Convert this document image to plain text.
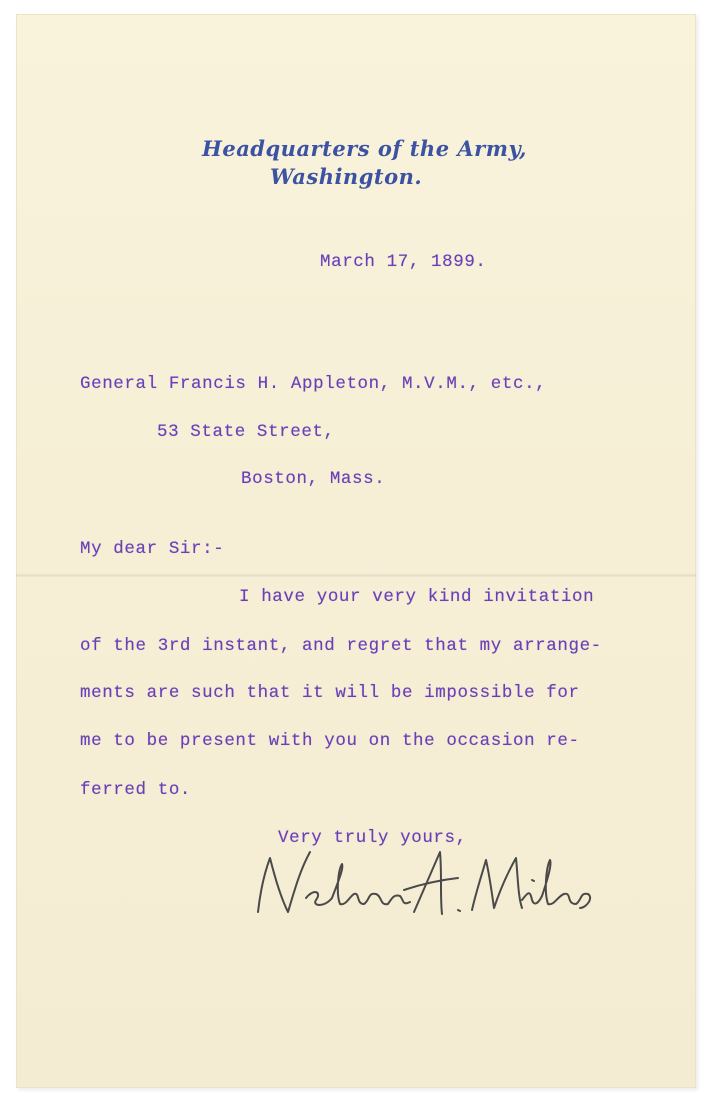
Headquarters of the Army,
Washington.
March 17, 1899.
General Francis H. Appleton, M.V.M., etc.,
53 State Street,
Boston, Mass.
My dear Sir:-
I have your very kind invitation
of the 3rd instant, and regret that my arrange-
ments are such that it will be impossible for
me to be present with you on the occasion re-
ferred to.
Very truly yours,
